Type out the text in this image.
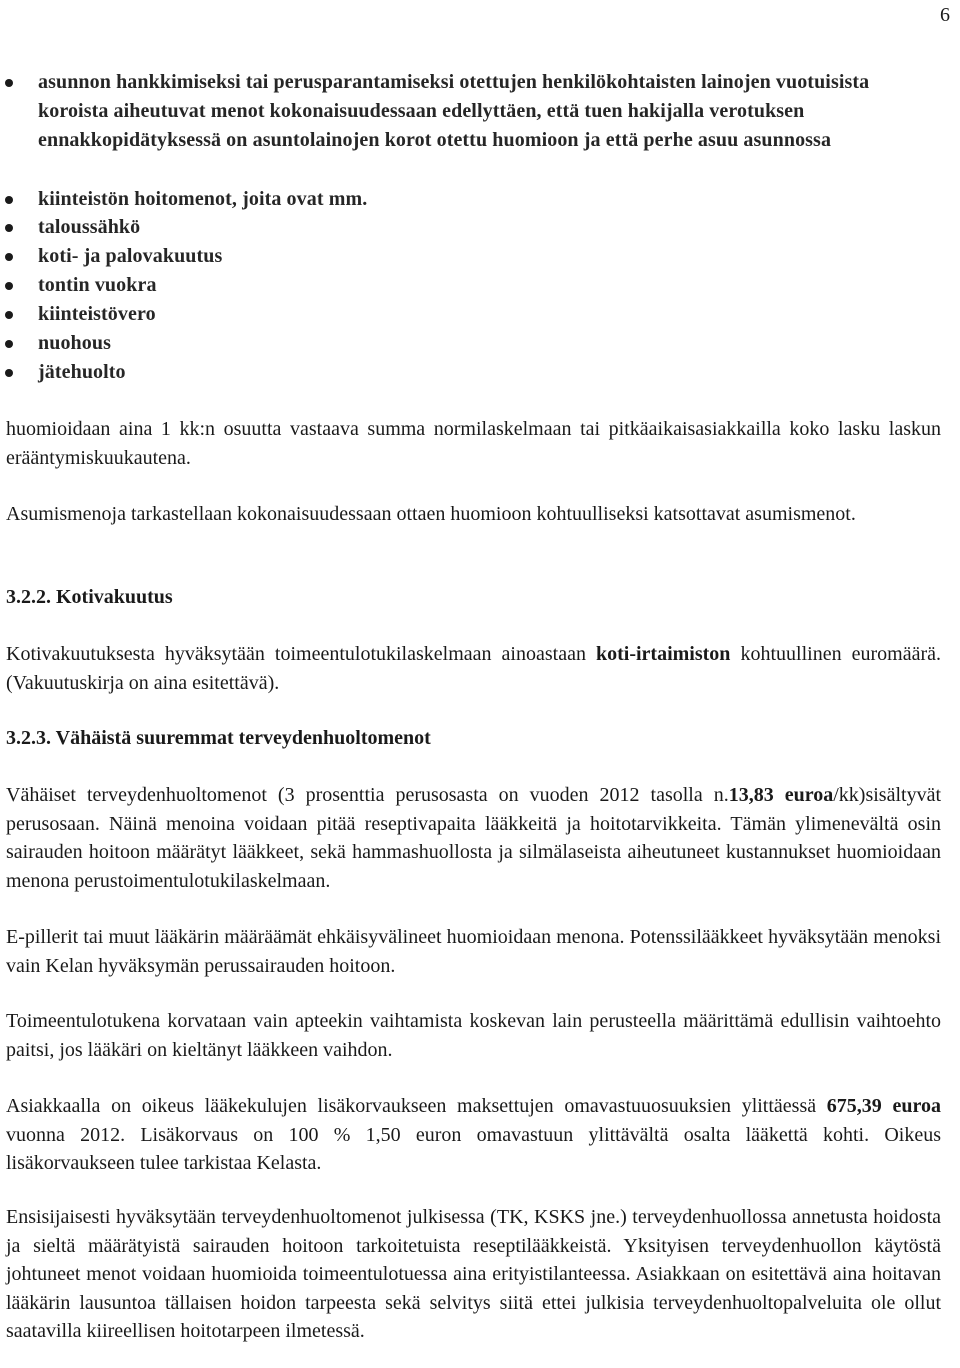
6
asunnon hankkimiseksi tai perusparantamiseksi otettujen henkilökohtaisten lainojen vuotuisista koroista aiheutuvat menot kokonaisuudessaan edellyttäen, että tuen hakijalla verotuksen ennakkopidätyksessä on asuntolainojen korot otettu huomioon ja että perhe asuu asunnossa
kiinteistön hoitomenot, joita ovat mm.
taloussähkö
koti- ja palovakuutus
tontin vuokra
kiinteistövero
nuohous
jätehuolto

huomioidaan aina 1 kk:n osuutta vastaava summa normilaskelmaan tai pitkäaikaisasiakkailla koko lasku laskun erääntymiskuukautena.

Asumismenoja tarkastellaan kokonaisuudessaan ottaen huomioon kohtuulliseksi katsottavat asumismenot.

3.2.2. Kotivakuutus

Kotivakuutuksesta hyväksytään toimeentulotukilaskelmaan ainoastaan koti-irtaimiston kohtuullinen euromäärä. (Vakuutuskirja on aina esitettävä).

3.2.3. Vähäistä suuremmat terveydenhuoltomenot

Vähäiset terveydenhuoltomenot (3 prosenttia perusosasta on vuoden 2012 tasolla n.13,83 euroa/kk)sisältyvät perusosaan. Näinä menoina voidaan pitää reseptivapaita lääkkeitä ja hoitotarvikkeita. Tämän ylimenevältä osin sairauden hoitoon määrätyt lääkkeet, sekä hammashuollosta ja silmälaseista aiheutuneet kustannukset huomioidaan menona perustoimentulotukilaskelmaan.

E-pillerit tai muut lääkärin määräämät ehkäisyvälineet huomioidaan menona. Potenssilääkkeet hyväksytään menoksi vain Kelan hyväksymän perussairauden hoitoon.

Toimeentulotukena korvataan vain apteekin vaihtamista koskevan lain perusteella määrittämä edullisin vaihtoehto paitsi, jos lääkäri on kieltänyt lääkkeen vaihdon.

Asiakkaalla on oikeus lääkekulujen lisäkorvaukseen maksettujen omavastuuosuuksien ylittäessä 675,39 euroa vuonna 2012. Lisäkorvaus on 100 % 1,50 euron omavastuun ylittävältä osalta lääkettä kohti. Oikeus lisäkorvaukseen tulee tarkistaa Kelasta.

Ensisijaisesti hyväksytään terveydenhuoltomenot julkisessa (TK, KSKS jne.) terveydenhuollossa annetusta hoidosta ja sieltä määrätyistä sairauden hoitoon tarkoitetuista reseptilääkkeistä. Yksityisen terveydenhuollon käytöstä johtuneet menot voidaan huomioida toimeentulotuessa aina erityistilanteessa. Asiakkaan on esitettävä aina hoitavan lääkärin lausuntoa tällaisen hoidon tarpeesta sekä selvitys siitä ettei julkisia terveydenhuoltopalveluita ole ollut saatavilla kiireellisen hoitotarpeen ilmetessä.
